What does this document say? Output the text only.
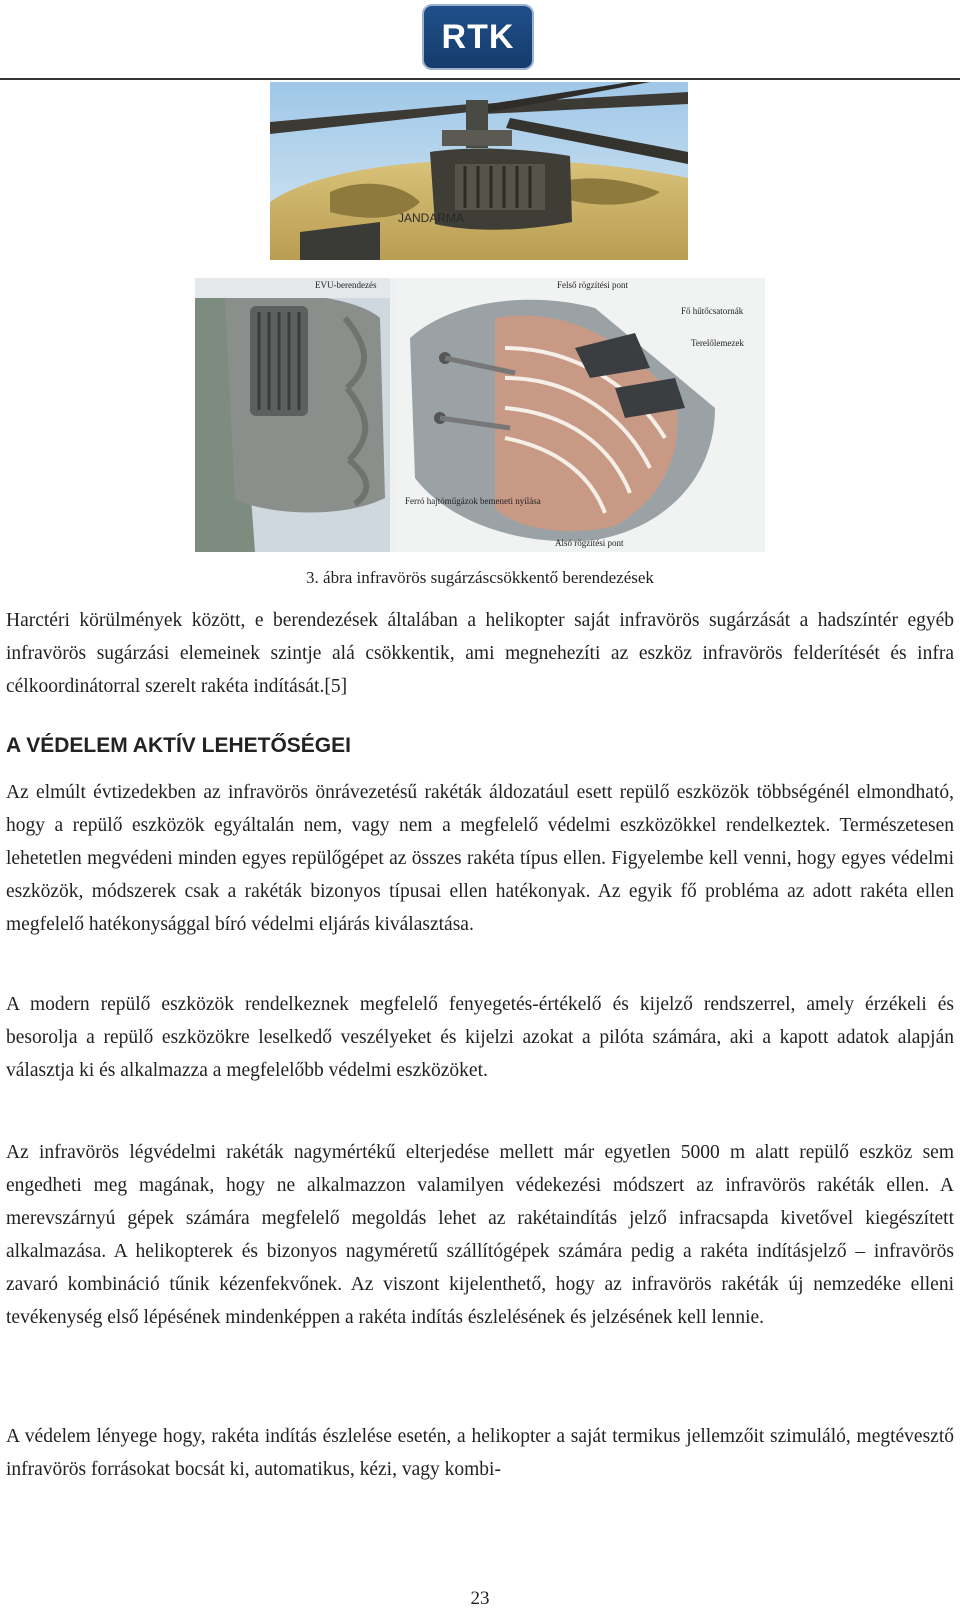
RTK
JANDARMA
EVU-berendezés	Felső rögzítési pont
Fő hűtőcsatornák
Terelőlemezek
Ferró hajtóműgázok bemeneti nyílása
Alsó rögzítési pont
3. ábra infravörös sugárzáscsökkentő berendezések
Harctéri körülmények között, e berendezések általában a helikopter saját infravörös sugárzását a hadszíntér egyéb infravörös sugárzási elemeinek szintje alá csökkentik, ami megnehezíti az eszköz infravörös felderítését és infra célkoordinátorral szerelt rakéta indítását.[5]
A VÉDELEM AKTÍV LEHETŐSÉGEI
Az elmúlt évtizedekben az infravörös önrávezetésű rakéták áldozatául esett repülő eszközök többségénél elmondható, hogy a repülő eszközök egyáltalán nem, vagy nem a megfelelő védelmi eszközökkel rendelkeztek. Természetesen lehetetlen megvédeni minden egyes repülőgépet az összes rakéta típus ellen. Figyelembe kell venni, hogy egyes védelmi eszközök, módszerek csak a rakéták bizonyos típusai ellen hatékonyak. Az egyik fő probléma az adott rakéta ellen megfelelő hatékonysággal bíró védelmi eljárás kiválasztása.
A modern repülő eszközök rendelkeznek megfelelő fenyegetés-értékelő és kijelző rendszerrel, amely érzékeli és besorolja a repülő eszközökre leselkedő veszélyeket és kijelzi azokat a pilóta számára, aki a kapott adatok alapján választja ki és alkalmazza a megfelelőbb védelmi eszközöket.
Az infravörös légvédelmi rakéták nagymértékű elterjedése mellett már egyetlen 5000 m alatt repülő eszköz sem engedheti meg magának, hogy ne alkalmazzon valamilyen védekezési módszert az infravörös rakéták ellen. A merevszárnyú gépek számára megfelelő megoldás lehet az rakétaindítás jelző infracsapda kivetővel kiegészített alkalmazása. A helikopterek és bizonyos nagyméretű szállítógépek számára pedig a rakéta indításjelző – infravörös zavaró kombináció tűnik kézenfekvőnek. Az viszont kijelenthető, hogy az infravörös rakéták új nemzedéke elleni tevékenység első lépésének mindenképpen a rakéta indítás észlelésének és jelzésének kell lennie.
A védelem lényege hogy, rakéta indítás észlelése esetén, a helikopter a saját termikus jellemzőit szimuláló, megtévesztő infravörös forrásokat bocsát ki, automatikus, kézi, vagy kombi-
23
